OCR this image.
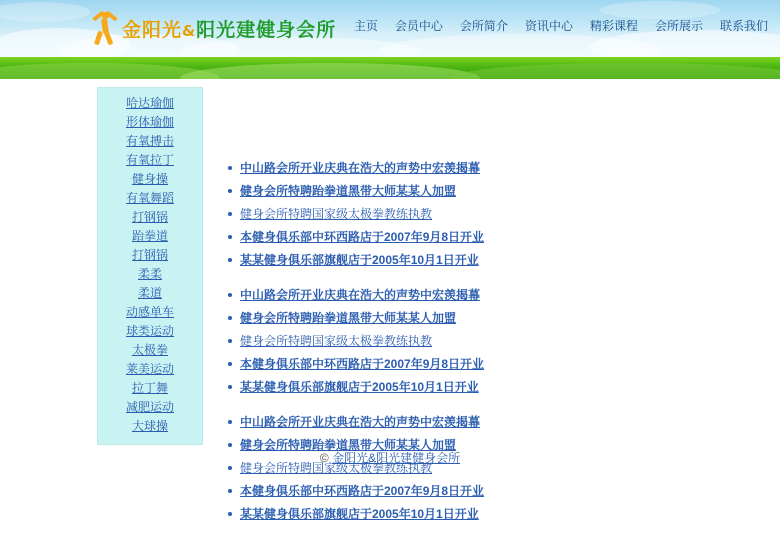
金阳光&阳光建健身会所 主页 会员中心 会所简介 资讯中心 精彩课程 会所展示 联系我们
哈达瑜伽
形体瑜伽
有氧搏击
有氧拉丁
健身操
有氧舞蹈
打钢锅
跆拳道
打钢锅
柔柔
柔道
动感单车
球类运动
太极拳
莱美运动
拉丁舞
减肥运动
大球操
中山路会所开业庆典在浩大的声势中宏羡揭幕
健身会所特聘跆拳道黑带大师某某人加盟
健身会所特聘国家级太极拳教练执教
本健身俱乐部中环西路店于2007年9月8日开业
某某健身俱乐部旗舰店于2005年10月1日开业
中山路会所开业庆典在浩大的声势中宏羡揭幕
健身会所特聘跆拳道黑带大师某某人加盟
健身会所特聘国家级太极拳教练执教
本健身俱乐部中环西路店于2007年9月8日开业
某某健身俱乐部旗舰店于2005年10月1日开业
中山路会所开业庆典在浩大的声势中宏羡揭幕
健身会所特聘跆拳道黑带大师某某人加盟
健身会所特聘国家级太极拳教练执教
本健身俱乐部中环西路店于2007年9月8日开业
某某健身俱乐部旗舰店于2005年10月1日开业
© 金阳光&阳光建健身会所
